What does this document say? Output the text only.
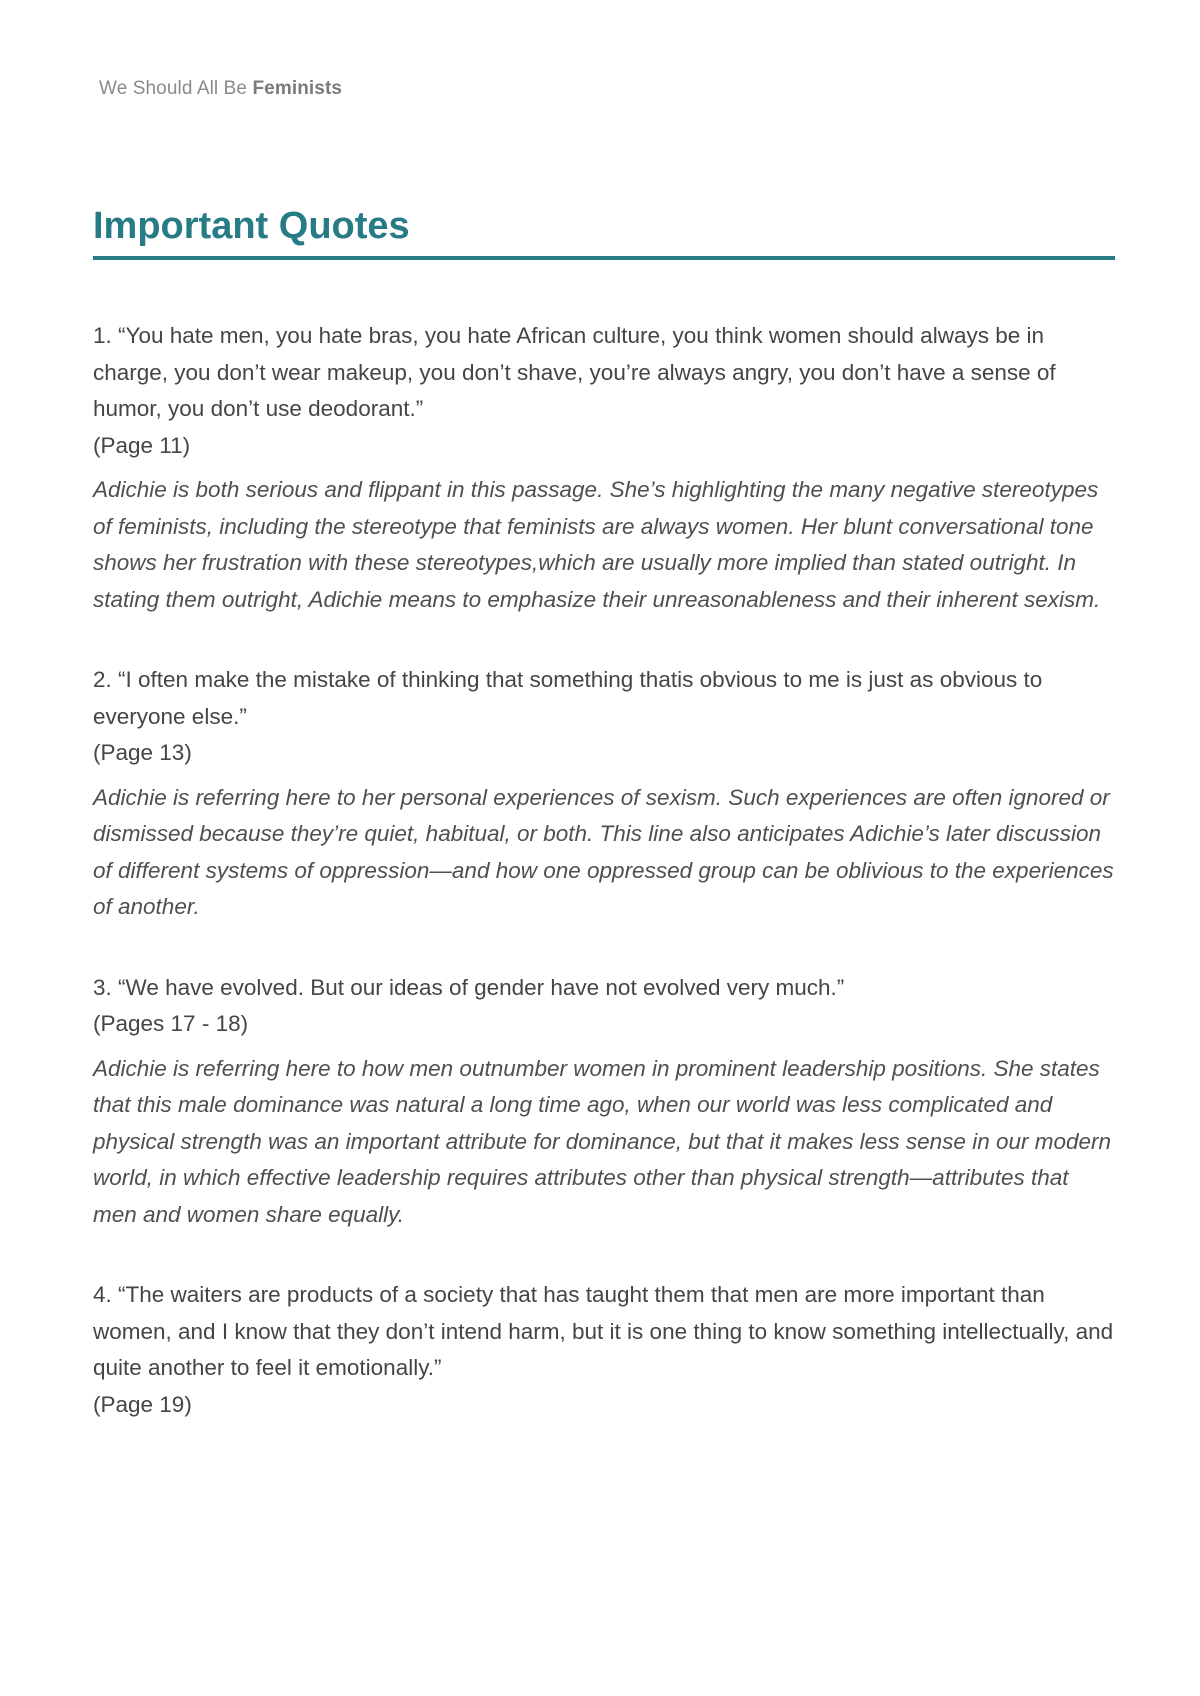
We Should All Be Feminists
Important Quotes

1. “You hate men, you hate bras, you hate African culture, you think women should always be in charge, you don’t wear makeup, you don’t shave, you’re always angry, you don’t have a sense of humor, you don’t use deodorant.”

(Page 11)

Adichie is both serious and flippant in this passage. She’s highlighting the many negative stereotypes of feminists, including the stereotype that feminists are always women. Her blunt conversational tone shows her frustration with these stereotypes,which are usually more implied than stated outright. In stating them outright, Adichie means to emphasize their unreasonableness and their inherent sexism.

2. “I often make the mistake of thinking that something thatis obvious to me is just as obvious to everyone else.”

(Page 13)

Adichie is referring here to her personal experiences of sexism. Such experiences are often ignored or dismissed because they’re quiet, habitual, or both. This line also anticipates Adichie’s later discussion of different systems of oppression—and how one oppressed group can be oblivious to the experiences of another.

3. “We have evolved. But our ideas of gender have not evolved very much.”

(Pages 17 - 18)

Adichie is referring here to how men outnumber women in prominent leadership positions. She states that this male dominance was natural a long time ago, when our world was less complicated and physical strength was an important attribute for dominance, but that it makes less sense in our modern world, in which effective leadership requires attributes other than physical strength—attributes that men and women share equally.

4. “The waiters are products of a society that has taught them that men are more important than women, and I know that they don’t intend harm, but it is one thing to know something intellectually, and quite another to feel it emotionally.”

(Page 19)
